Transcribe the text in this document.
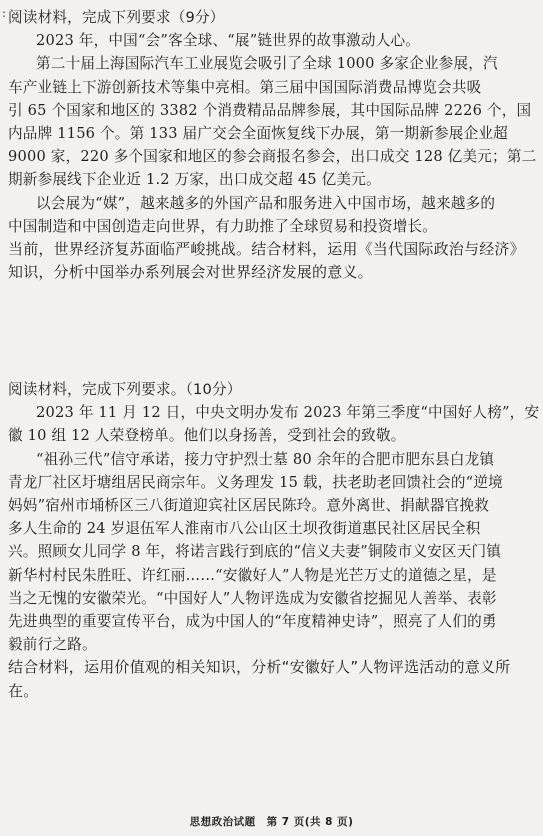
: 阅读材料，完成下列要求（9分）
2023 年，中国“会”客全球、“展”链世界的故事激动人心。
第二十届上海国际汽车工业展览会吸引了全球 1000 多家企业参展，汽
车产业链上下游创新技术等集中亮相。第三届中国国际消费品博览会共吸
引 65 个国家和地区的 3382 个消费精品品牌参展，其中国际品牌 2226 个，国
内品牌 1156 个。第 133 届广交会全面恢复线下办展，第一期新参展企业超
9000 家，220 多个国家和地区的参会商报名参会，出口成交 128 亿美元；第二
期新参展线下企业近 1.2 万家，出口成交超 45 亿美元。
以会展为“媒”，越来越多的外国产品和服务进入中国市场，越来越多的
中国制造和中国创造走向世界，有力助推了全球贸易和投资增长。
当前，世界经济复苏面临严峻挑战。结合材料，运用《当代国际政治与经济》
知识，分析中国举办系列展会对世界经济发展的意义。
阅读材料，完成下列要求。（10分）
2023 年 11 月 12 日，中央文明办发布 2023 年第三季度“中国好人榜”，安
徽 10 组 12 人荣登榜单。他们以身扬善，受到社会的致敬。
“祖孙三代”信守承诺，接力守护烈士墓 80 余年的合肥市肥东县白龙镇
青龙厂社区圩塘组居民商宗年。义务理发 15 载，扶老助老回馈社会的“逆境
妈妈”宿州市埇桥区三八街道迎宾社区居民陈玲。意外离世、捐献器官挽救
多人生命的 24 岁退伍军人淮南市八公山区土坝孜街道惠民社区居民全积
兴。照顾女儿同学 8 年，将诺言践行到底的“信义夫妻”铜陵市义安区天门镇
新华村村民朱胜旺、许红丽……“安徽好人”人物是光芒万丈的道德之星，是
当之无愧的安徽荣光。“中国好人”人物评选成为安徽省挖掘见人善举、表彰
先进典型的重要宣传平台，成为中国人的“年度精神史诗”，照亮了人们的勇
毅前行之路。
结合材料，运用价值观的相关知识，分析“安徽好人”人物评选活动的意义所
在。
思想政治试题　第 7 页(共 8 页)
